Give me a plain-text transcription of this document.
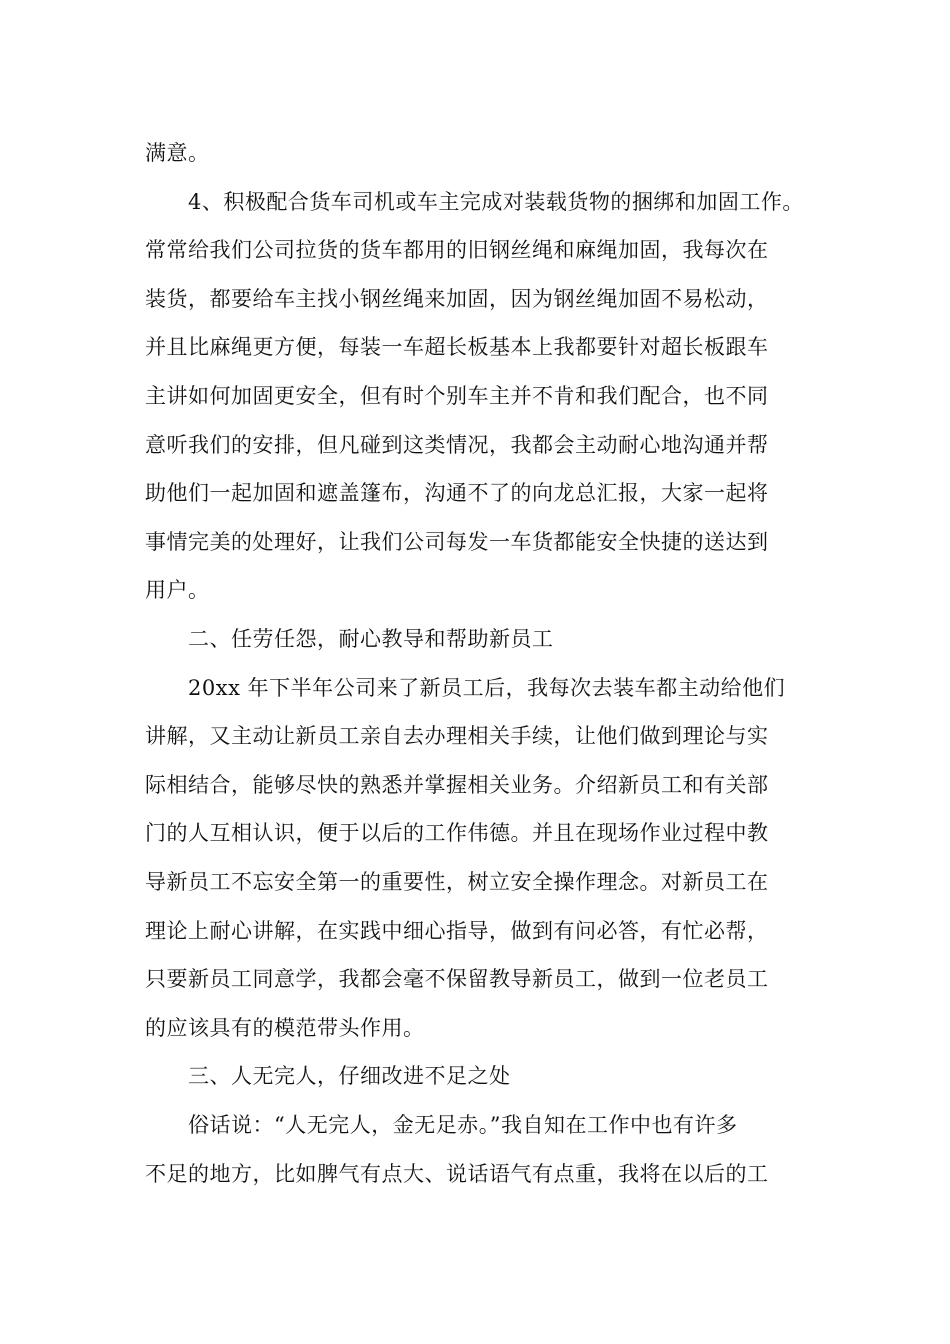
满意。
4、积极配合货车司机或车主完成对装载货物的捆绑和加固工作。
常常给我们公司拉货的货车都用的旧钢丝绳和麻绳加固，我每次在
装货，都要给车主找小钢丝绳来加固，因为钢丝绳加固不易松动，
并且比麻绳更方便，每装一车超长板基本上我都要针对超长板跟车
主讲如何加固更安全，但有时个别车主并不肯和我们配合，也不同
意听我们的安排，但凡碰到这类情况，我都会主动耐心地沟通并帮
助他们一起加固和遮盖篷布，沟通不了的向龙总汇报，大家一起将
事情完美的处理好，让我们公司每发一车货都能安全快捷的送达到
用户。
二、任劳任怨，耐心教导和帮助新员工
20xx 年下半年公司来了新员工后，我每次去装车都主动给他们
讲解，又主动让新员工亲自去办理相关手续，让他们做到理论与实
际相结合，能够尽快的熟悉并掌握相关业务。介绍新员工和有关部
门的人互相认识，便于以后的工作伟德。并且在现场作业过程中教
导新员工不忘安全第一的重要性，树立安全操作理念。对新员工在
理论上耐心讲解，在实践中细心指导，做到有问必答，有忙必帮，
只要新员工同意学，我都会毫不保留教导新员工，做到一位老员工
的应该具有的模范带头作用。
三、人无完人，仔细改进不足之处
俗话说：“人无完人，金无足赤。”我自知在工作中也有许多
不足的地方，比如脾气有点大、说话语气有点重，我将在以后的工
